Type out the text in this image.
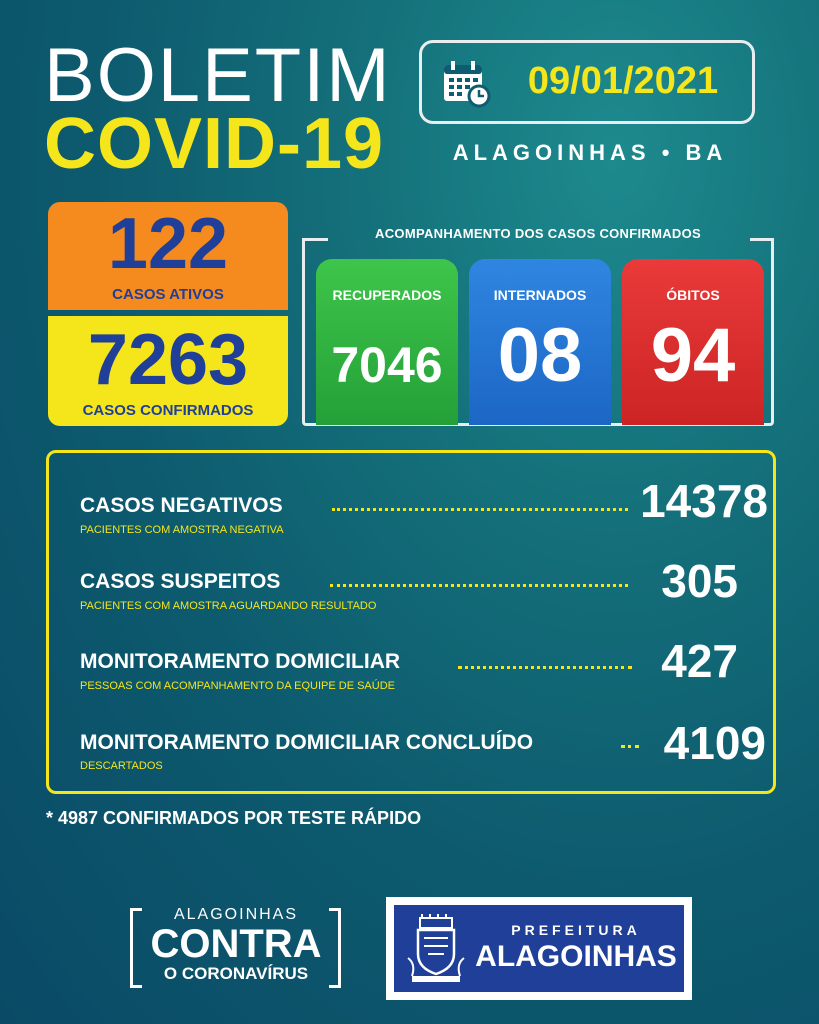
BOLETIM
COVID-19
09/01/2021
ALAGOINHAS • BA
122
CASOS ATIVOS
7263
CASOS CONFIRMADOS
ACOMPANHAMENTO DOS CASOS CONFIRMADOS
RECUPERADOS
7046
INTERNADOS
08
ÓBITOS
94
CASOS NEGATIVOS
PACIENTES COM AMOSTRA NEGATIVA
14378
CASOS SUSPEITOS
PACIENTES COM AMOSTRA AGUARDANDO RESULTADO	305
MONITORAMENTO DOMICILIAR
PESSOAS COM ACOMPANHAMENTO DA EQUIPE DE SAÚDE	427
MONITORAMENTO DOMICILIAR CONCLUÍDO
DESCARTADOS	4109
* 4987 CONFIRMADOS POR TESTE RÁPIDO
ALAGOINHAS
CONTRA
O CORONAVÍRUS
PREFEITURA
ALAGOINHAS
